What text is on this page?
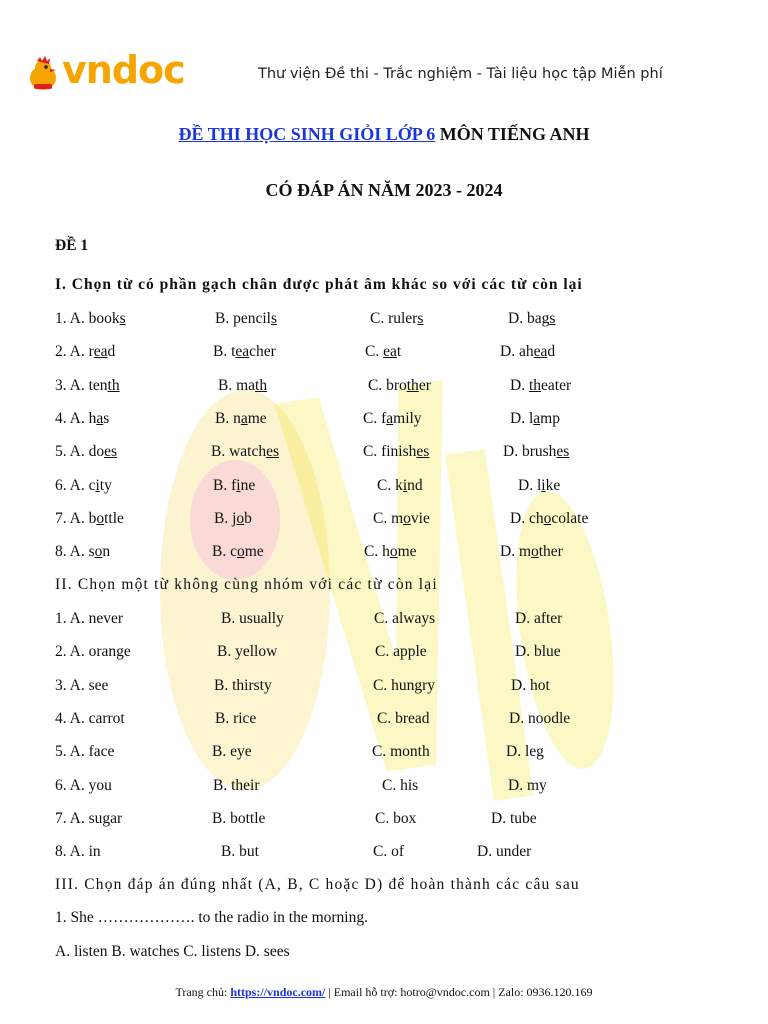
vndoc	Thư viện Đề thi - Trắc nghiệm - Tài liệu học tập Miễn phí
ĐỀ THI HỌC SINH GIỎI LỚP 6 MÔN TIẾNG ANH
CÓ ĐÁP ÁN NĂM 2023 - 2024
ĐỀ 1
I. Chọn từ có phần gạch chân được phát âm khác so với các từ còn lại
1. A. books	B. pencils	C. rulers	D. bags
2. A. read	B. teacher	C. eat	D. ahead
3. A. tenth	B. math	C. brother	D. theater
4. A. has	B. name	C. family	D. lamp
5. A. does	B. watches	C. finishes	D. brushes
6. A. city	B. fine	C. kind	D. like
7. A. bottle	B. job	C. movie	D. chocolate
8. A. son	B. come	C. home	D. mother
II. Chọn một từ không cùng nhóm với các từ còn lại
1. A. never	B. usually	C. always	D. after
2. A. orange	B. yellow	C. apple	D. blue
3. A. see	B. thirsty	C. hungry	D. hot
4. A. carrot	B. rice	C. bread	D. noodle
5. A. face	B. eye	C. month	D. leg
6. A. you	B. their	C. his	D. my
7. A. sugar	B. bottle	C. box	D. tube
8. A. in	B. but	C. of	D. under
III. Chọn đáp án đúng nhất (A, B, C hoặc D) để hoàn thành các câu sau
1. She ………………. to the radio in the morning.
A. listen B. watches C. listens D. sees
Trang chủ: https://vndoc.com/ | Email hỗ trợ: hotro@vndoc.com | Zalo: 0936.120.169
